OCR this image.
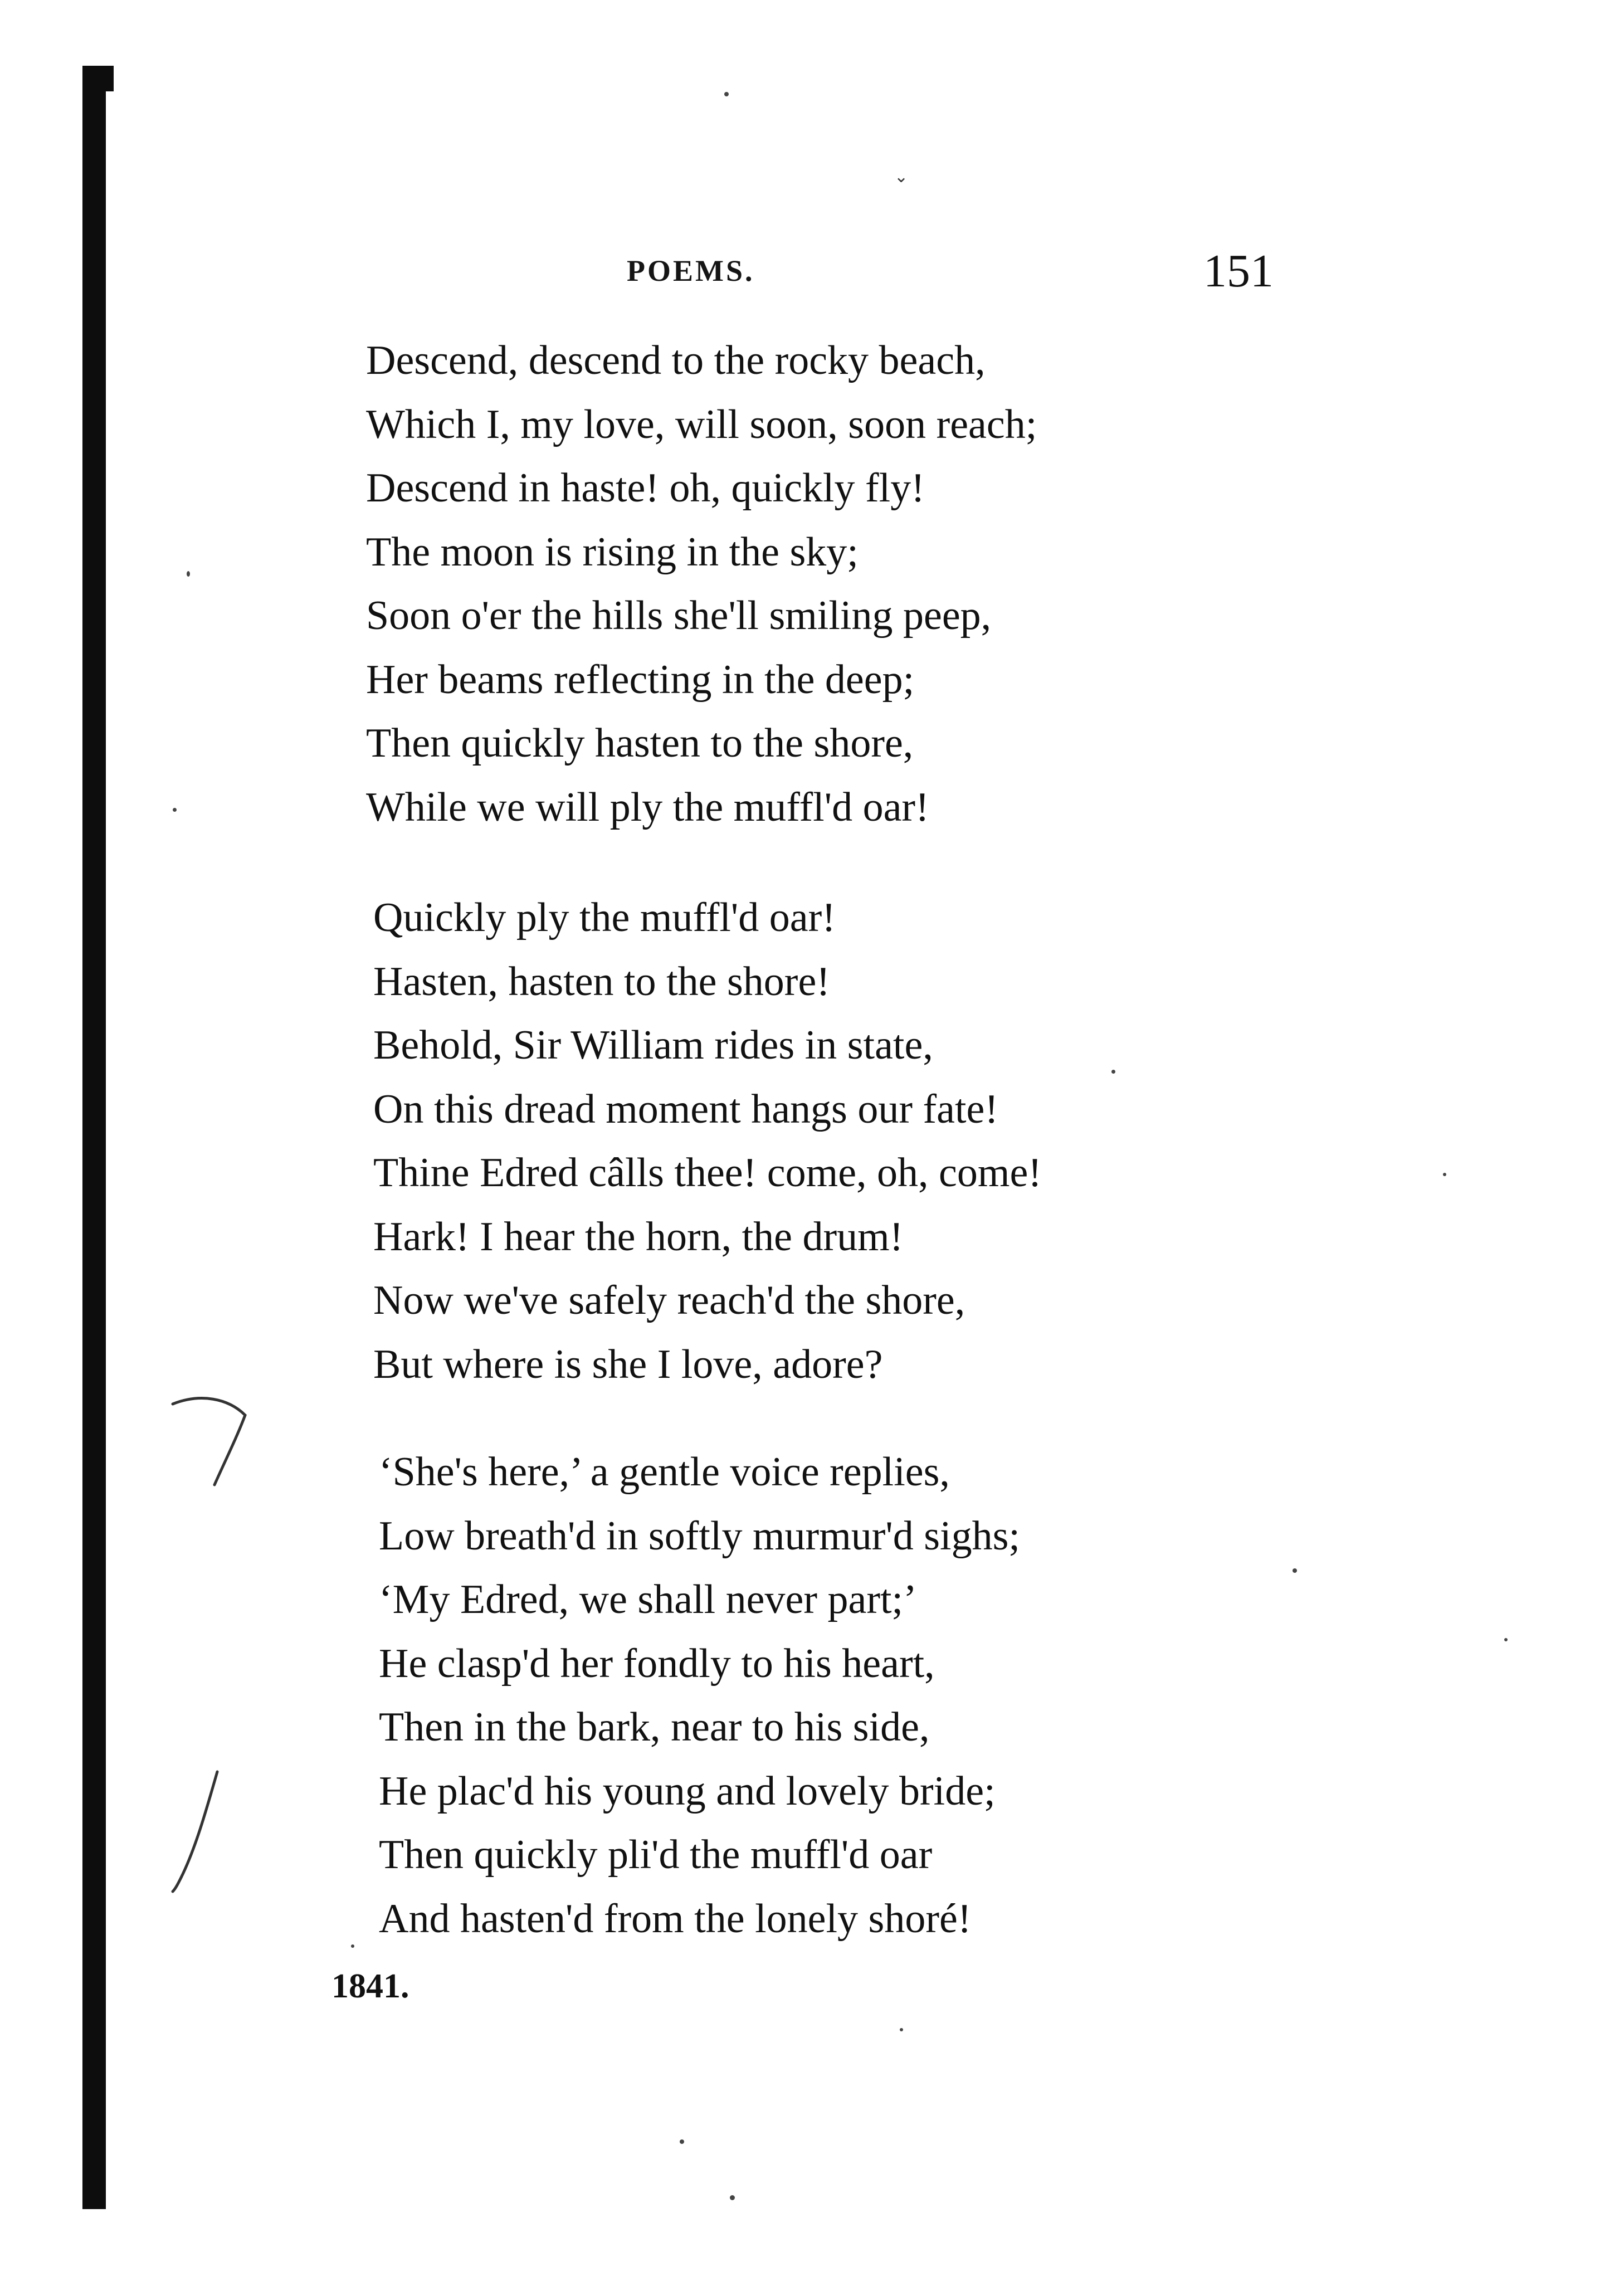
⌄
POEMS.	151
Descend, descend to the rocky beach,
Which I, my love, will soon, soon reach;
Descend in haste! oh, quickly fly!
The moon is rising in the sky;
Soon o'er the hills she'll smiling peep,
Her beams reflecting in the deep;
Then quickly hasten to the shore,
While we will ply the muffl'd oar!
Quickly ply the muffl'd oar!
Hasten, hasten to the shore!
Behold, Sir William rides in state,
On this dread moment hangs our fate!
Thine Edred câlls thee! come, oh, come!
Hark! I hear the horn, the drum!
Now we've safely reach'd the shore,
But where is she I love, adore?
‘She's here,’ a gentle voice replies,
Low breath'd in softly murmur'd sighs;
‘My Edred, we shall never part;’
He clasp'd her fondly to his heart,
Then in the bark, near to his side,
He plac'd his young and lovely bride;
Then quickly pli'd the muffl'd oar
And hasten'd from the lonely shoré!
1841.
